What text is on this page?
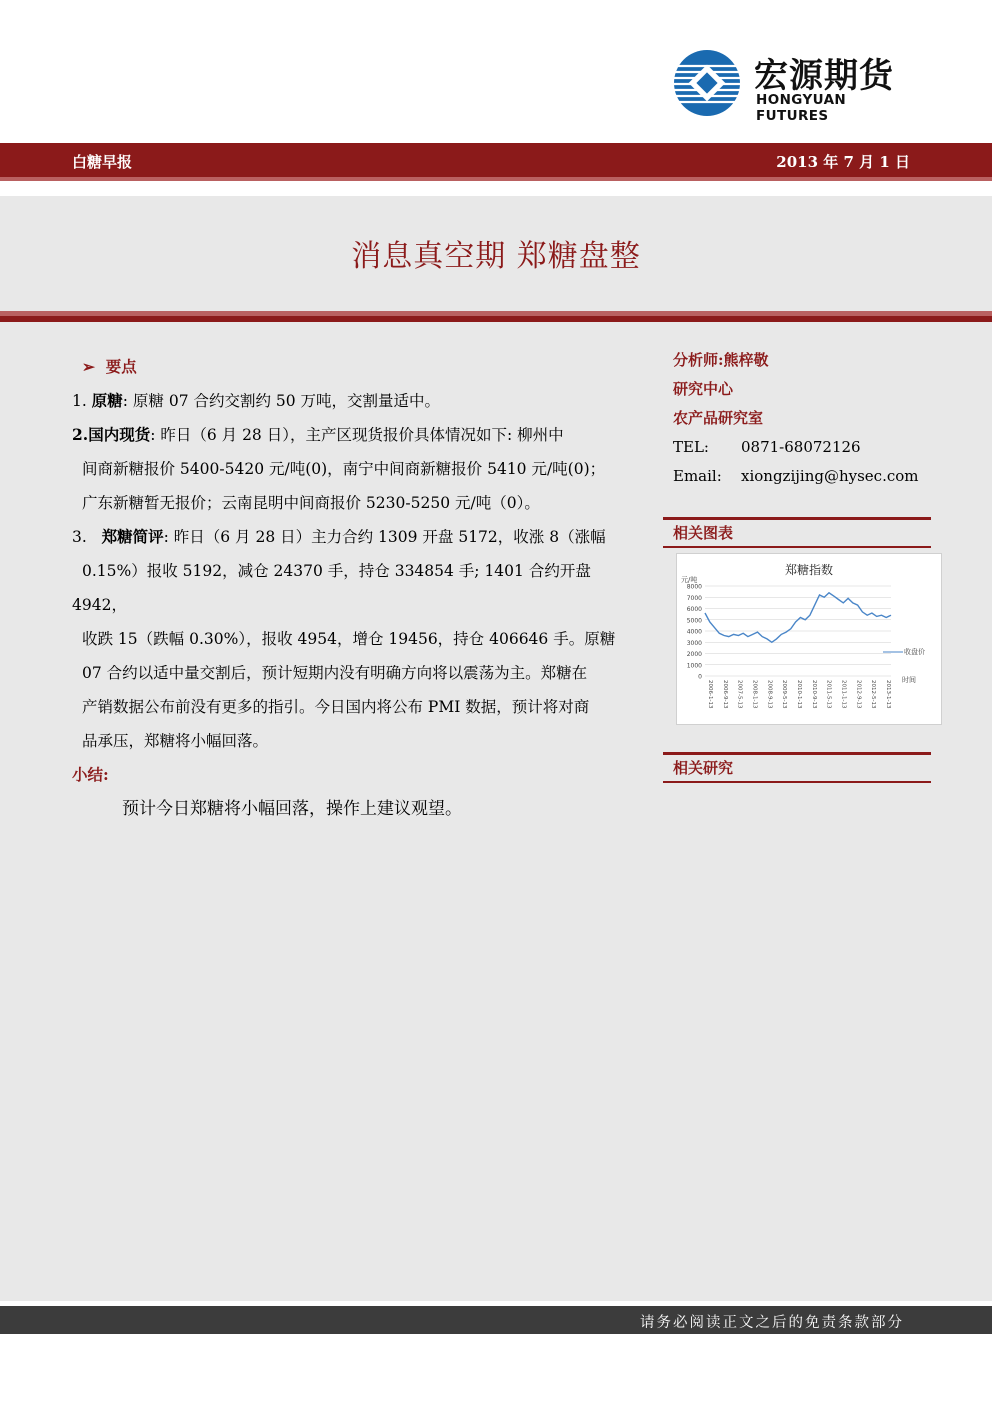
宏源期货
HONGYUAN FUTURES
白糖早报	2013 年 7 月 1 日
消息真空期 郑糖盘整

➢  要点

1. 原糖: 原糖 07 合约交割约 50 万吨，交割量适中。

2.国内现货: 昨日（6 月 28 日），主产区现货报价具体情况如下: 柳州中
间商新糖报价 5400-5420 元/吨(0)，南宁中间商新糖报价 5410 元/吨(0)；
广东新糖暂无报价；云南昆明中间商报价 5230-5250 元/吨（0）。

3. 郑糖简评: 昨日（6 月 28 日）主力合约 1309 开盘 5172，收涨 8（涨幅
0.15%）报收 5192，减仓 24370 手，持仓 334854 手; 1401 合约开盘 4942，
收跌 15（跌幅 0.30%），报收 4954，增仓 19456，持仓 406646 手。原糖
07 合约以适中量交割后，预计短期内没有明确方向将以震荡为主。郑糖在
产销数据公布前没有更多的指引。今日国内将公布 PMI 数据，预计将对商
品承压，郑糖将小幅回落。

小结:

预计今日郑糖将小幅回落，操作上建议观望。

分析师:熊梓敬
研究中心
农产品研究室
TEL: 0871-68072126
Email: xiongzijing@hysec.com
相关图表
郑糖指数
元/吨
时间
收盘价
8000
7000
6000
5000
4000
3000
2000
1000
0
2006-1-13 2006-9-13 2007-5-13 2008-1-13 2008-9-13 2009-5-13 2010-1-13 2010-9-13 2011-5-13 2011-1-13 2012-9-13 2012-5-13 2013-1-13
相关研究
请务必阅读正文之后的免责条款部分
